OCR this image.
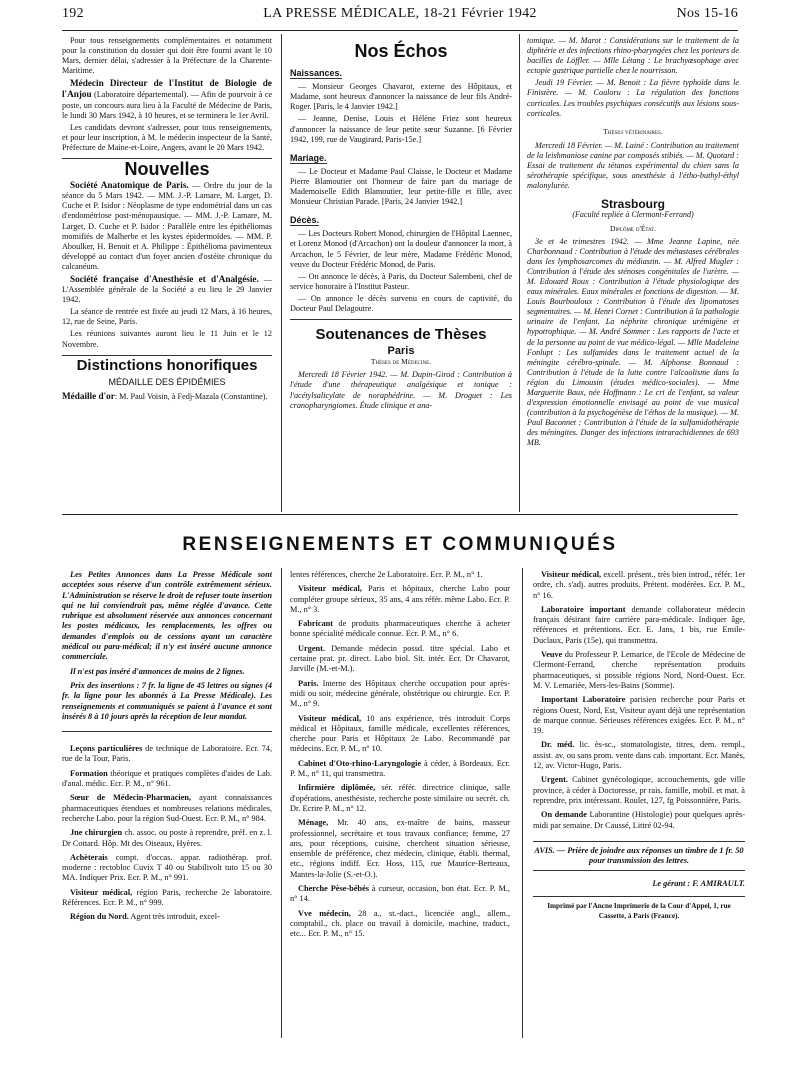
192	LA PRESSE MÉDICALE, 18-21 Février 1942	Nos 15-16

Pour tous renseignements complémentaires et notamment pour la constitution du dossier qui doit être fourni avant le 10 Mars, dernier délai, s'adresser à la Préfecture de la Charente-Maritime.

Médecin Directeur de l'Institut de Biologie de l'Anjou (Laboratoire départemental). — Afin de pourvoir à ce poste, un concours aura lieu à la Faculté de Médecine de Paris, le lundi 30 Mars 1942, à 10 heures, et se terminera le 1er Avril.

Les candidats devront s'adresser, pour tous renseignements, et pour leur inscription, à M. le médecin inspecteur de la Santé, Préfecture de Maine-et-Loire, Angers, avant le 20 Mars 1942.

Nouvelles

Société Anatomique de Paris. — Ordre du jour de la séance du 5 Mars 1942. — MM. J.-P. Lamare, M. Larget, D. Cuche et P. Isidor : Néoplasme de type endométrial dans un cas d'endométriose post-ménopausique. — MM. J.-P. Lamare, M. Larget, D. Cuche et P. Isidor : Parallèle entre les épithéliomas momifiés de Malherbe et les kystes épidermoïdes. — MM. P. Aboulker, H. Benoit et A. Philippe : Épithélioma pavimenteux développé au contact d'un foyer ancien d'ostéite chronique du calcanéum.

Société française d'Anesthésie et d'Analgésie. — L'Assemblée générale de la Société a eu lieu le 29 Janvier 1942.

La séance de rentrée est fixée au jeudi 12 Mars, à 16 heures, 12, rue de Seine, Paris.

Les réunions suivantes auront lieu le 11 Juin et le 12 Novembre.

Distinctions honorifiques
MÉDAILLE DES ÉPIDÉMIES

Médaille d'or: M. Paul Voisin, à Fedj-Mazala (Constantine).

Nos Échos
Naissances.

— Monsieur Georges Chavarot, externe des Hôpitaux, et Madame, sont heureux d'annoncer la naissance de leur fils André-Roger. [Paris, le 4 Janvier 1942.]

— Jeanne, Denise, Louis et Hélène Friez sont heureux d'annoncer la naissance de leur petite sœur Suzanne. [6 Février 1942, 199, rue de Vaugirard, Paris-15e.]

Mariage.

— Le Docteur et Madame Paul Claisse, le Docteur et Madame Pierre Blamoutier ont l'honneur de faire part du mariage de Mademoiselle Edith Blamoutier, leur petite-fille et fille, avec Monsieur Christian Parade. [Paris, 24 Janvier 1942.]

Décès.

— Les Docteurs Robert Monod, chirurgien de l'Hôpital Laennec, et Lorenz Monod (d'Arcachon) ont la douleur d'annoncer la mort, à Arcachon, le 5 Février, de leur mère, Madame Frédéric Monod, veuve du Docteur Frédéric Monod, de Paris.

— On annonce le décès, à Paris, du Docteur Salembeni, chef de service honoraire à l'Institut Pasteur.

— On annonce le décès survenu en cours de captivité, du Docteur Paul Delagoutre.

Soutenances de Thèses
Paris
Thèses de Médecine.

Mercredi 18 Février 1942. — M. Dupin-Girod : Contribution à l'étude d'une thérapeutique analgésique et tonique : l'acétylsalicylate de noraphédrine. — M. Droguet : Les cranopharyngiomes. Étude clinique et ana-

tomique. — M. Marot : Considérations sur le traitement de la diphtérie et des infections rhino-pharyngées chez les porteurs de bacilles de Löffler. — Mlle Létang : Le brachyœsophage avec ectopie gastrique partielle chez le nourrisson.

Jeudi 19 Février. — M. Benoit : La fièvre typhoïde dans le Finistère. — M. Couloru : La régulation des fonctions corticales. Les troubles psychiques consécutifs aux lésions sous-corticales.

Thèses vétérinaires.

Mercredi 18 Février. — M. Lainé : Contribution au traitement de la leishmaniose canine par composés stibiés. — M. Quotard : Essai de traitement du tétanos expérimental du chien sans la sérothérapie spécifique, sous anesthésie à l'étho-buthyl-éthyl malonylurée.

Strasbourg
(Faculté repliée à Clermont-Ferrand)
Diplôme d'État.

3e et 4e trimestres 1942. — Mme Jeanne Lapine, née Charbonnaud : Contribution à l'étude des métastases cérébrales dans les lymphosarcomes du médiastin. — M. Alfred Mugler : Contribution à l'étude des sténoses congénitales de l'urètre. — M. Edouard Roux : Contribution à l'étude physiologique des eaux minérales. Eaux minérales et fonctions de digestion. — M. Louis Bourbouloux : Contribution à l'étude des lipomatoses segmentaires. — M. Henri Cornet : Contribution à la pathologie urinaire de l'enfant. La néphrite chronique urémigène et hypotrophique. — M. André Sommer : Les rapports de l'acte et de la personne au point de vue médico-légal. — Mlle Madeleine Fonlupt : Les sulfamides dans le traitement actuel de la méningite cérébro-spinale. — M. Alphonse Bonnaud : Contribution à l'étude de la lutte contre l'alcoolisme dans la région du Limousin (études médico-sociales). — Mme Marguerite Baux, née Hoffmann : Le cri de l'enfant, sa valeur d'expression émotionnelle envisagé au point de vue musical (contribution à la psychogénèse de l'éthos de la musique). — M. Paul Baconnet : Contribution à l'étude de la sulfamidothérapie des méningites. Danger des infections intrarachidiennes de 693 MB.

RENSEIGNEMENTS ET COMMUNIQUÉS

Les Petites Annonces dans La Presse Médicale sont acceptées sous réserve d'un contrôle extrêmement sérieux. L'Administration se réserve le droit de refuser toute insertion qui ne lui conviendrait pas, même réglée d'avance. Cette rubrique est absolument réservée aux annonces concernant les postes médicaux, les remplacements, les offres ou demandes d'emplois ou de cessions ayant un caractère médical ou para-médical; il n'y est inséré aucune annonce commerciale.

Il n'est pas inséré d'annonces de moins de 2 lignes.

Prix des insertions : 7 fr. la ligne de 45 lettres ou signes (4 fr. la ligne pour les abonnés à La Presse Médicale). Les renseignements et communiqués se paient à l'avance et sont insérés 8 à 10 jours après la réception de leur mandat.

Leçons particulières de technique de Laboratoire. Ecr. 74, rue de la Tour, Paris.

Formation théorique et pratiques complètes d'aides de Lab. d'anal. médic. Ecr. P. M., n° 961.

Sœur de Médecin-Pharmacien, ayant connaissances pharmaceutiques étendues et nombreuses relations médicales, recherche Labo. pour la région Sud-Ouest. Ecr. P. M., n° 984.

Jne chirurgien ch. assoc. ou poste à reprendre, préf. en z. l. Dr Cottard. Hôp. Mt des Oiseaux, Hyères.

Achèterais compt. d'occas. appar. radiothérap. prof. moderne : rectobloc Cuvix T 40 ou Stabilivolt tuto 15 ou 30 MA. Indiquer Prix. Ecr. P. M., n° 991.

Visiteur médical, région Paris, recherche 2e laboratoire. Références. Ecr. P. M., n° 999.

Région du Nord. Agent très introduit, excel-

lentes références, cherche 2e Laboratoire. Ecr. P. M., n° 1.

Visiteur médical, Paris et hôpitaux, cherche Labo pour compléter groupe sérieux, 35 ans, 4 ans référ. même Labo. Ecr. P. M., n° 3.

Fabricant de produits pharmaceutiques cherche à acheter bonne spécialité médicale connue. Ecr. P. M., n° 6.

Urgent. Demande médecin possd. titre spécial. Labo et certaine prat. pr. direct. Labo biol. Sit. intér. Ecr. Dr Chavarot, Jarville (M.-et-M.).

Paris. Interne des Hôpitaux cherche occupation pour après-midi ou soir, médecine générale, obstétrique ou chirurgie. Ecr. P. M., n° 9.

Visiteur médical, 10 ans expérience, très introduit Corps médical et Hôpitaux, famille médicale, excellentes références, cherche pour Paris et Hôpitaux 2e Labo. Recommandé par médecins. Ecr. P. M., n° 10.

Cabinet d'Oto-rhino-Laryngologie à céder, à Bordeaux. Ecr. P. M., n° 11, qui transmettra.

Infirmière diplômée, sér. référ. directrice clinique, salle d'opérations, anesthésiste, recherche poste similaire ou secrét. ch. Dr. Ecrire P. M., n° 12.

Ménage, Mr. 40 ans, ex-maître de bains, masseur professionnel, secrétaire et tous travaux confiance; femme, 27 ans, pour réceptions, cuisine, cherchent situation sérieuse, ensemble de préférence, chez médecin, clinique, établi. thermal, etc., régions indiff. Ecr. Hoss, 115, rue Maurice-Berteaux, Mantes-la-Jolie (S.-et-O.).

Cherche Pèse-bébés à curseur, occasion, bon état. Ecr. P. M., n° 14.

Vve médecin, 28 a., st.-dact., licenciée angl., allem., comptabil., ch. place ou travail à domicile, machine, traduct., etc... Ecr. P. M., n° 15.

Visiteur médical, excell. présent., très bien introd., référ. 1er ordre, ch. s'adj. autres produits. Prétent. modérées. Ecr. P. M., n° 16.

Laboratoire important demande collaborateur médecin français désirant faire carrière para-médicale. Indiquer âge, références et prétentions. Ecr. E. Jans, 1 bis, rue Emile-Duclaux, Paris (15e), qui transmettra.

Veuve du Professeur P. Lemarice, de l'Ecole de Médecine de Clermont-Ferrand, cherche représentation produits pharmaceutiques, si possible régions Nord, Nord-Ouest. Ecr. M. V. Lemariée, Mers-les-Bains (Somme).

Important Laboratoire parisien recherche pour Paris et régions Ouest, Nord, Est, Visiteur ayant déjà une représentation de marque connue. Sérieuses références exigées. Ecr. P. M., n° 19.

Dr. méd. lic. ès-sc., stomatologiste, titres, dem. rempl., assist. av. ou sans prom. vente dans cab. important. Ecr. Manès, 12, av. Victor-Hugo, Paris.

Urgent. Cabinet gynécologique, accouchements, gde ville province, à céder à Doctoresse, pr rais. famille, mobil. et mat. à reprendre, prix intéressant. Roulet, 127, fg Poissonnière, Paris.

On demande Laborantine (Histologie) pour quelques après-midi par semaine. Dr Caussé, Littré 02-94.

AVIS. — Prière de joindre aux réponses un timbre de 1 fr. 50 pour transmission des lettres.
Le gérant : F. AMIRAULT.
Imprimé par l'Ancne Imprimerie de la Cour d'Appel, 1, rue Cassette, à Paris (France).
